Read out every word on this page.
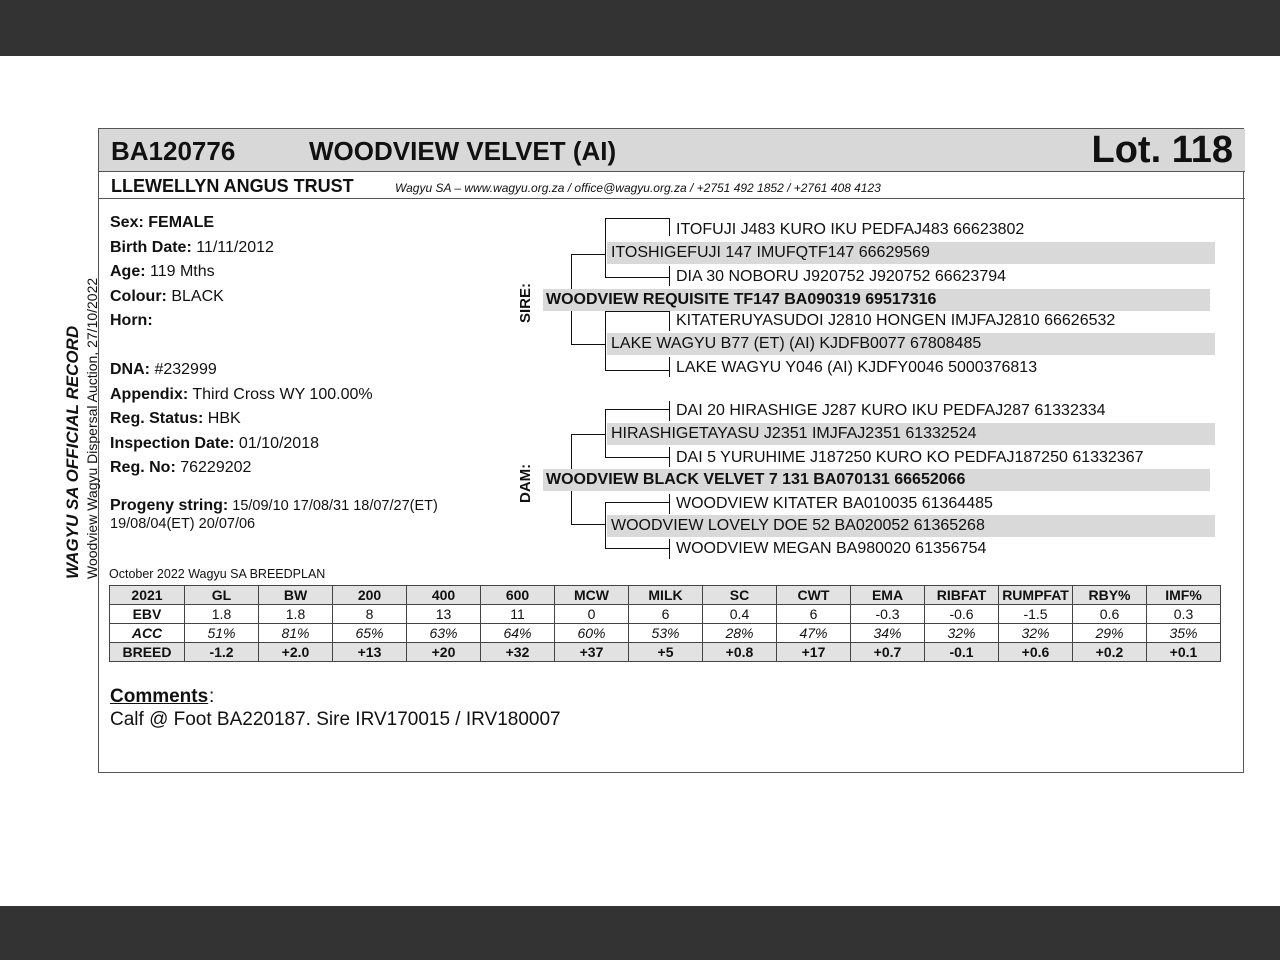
BA120776	WOODVIEW VELVET (AI)	Lot. 118
LLEWELLYN ANGUS TRUST	Wagyu SA – www.wagyu.org.za / office@wagyu.org.za / +2751 492 1852 / +2761 408 4123
WAGYU SA OFFICIAL RECORD Woodview Wagyu Dispersal Auction, 27/10/2022
Sex: FEMALE
Birth Date: 11/11/2012
Age: 119 Mths
Colour: BLACK
Horn:
DNA: #232999
Appendix: Third Cross WY 100.00%
Reg. Status: HBK
Inspection Date: 01/10/2018
Reg. No: 76229202
Progeny string: 15/09/10 17/08/31 18/07/27(ET)
19/08/04(ET) 20/07/06
SIRE:
DAM:
ITOFUJI J483 KURO IKU PEDFAJ483 66623802
ITOSHIGEFUJI 147 IMUFQTF147 66629569
DIA 30 NOBORU J920752 J920752 66623794
WOODVIEW REQUISITE TF147 BA090319 69517316
KITATERUYASUDOI J2810 HONGEN IMJFAJ2810 66626532
LAKE WAGYU B77 (ET) (AI) KJDFB0077 67808485
LAKE WAGYU Y046 (AI) KJDFY0046 5000376813
DAI 20 HIRASHIGE J287 KURO IKU PEDFAJ287 61332334
HIRASHIGETAYASU J2351 IMJFAJ2351 61332524
DAI 5 YURUHIME J187250 KURO KO PEDFAJ187250 61332367
WOODVIEW BLACK VELVET 7 131 BA070131 66652066
WOODVIEW KITATER BA010035 61364485
WOODVIEW LOVELY DOE 52 BA020052 61365268
WOODVIEW MEGAN BA980020 61356754
October 2022 Wagyu SA BREEDPLAN
2021	GL	BW	200	400	600	MCW	MILK	SC	CWT	EMA	RIBFAT	RUMPFAT	RBY%	IMF%
EBV	1.8	1.8	8	13	11	0	6	0.4	6	-0.3	-0.6	-1.5	0.6	0.3
ACC	51%	81%	65%	63%	64%	60%	53%	28%	47%	34%	32%	32%	29%	35%
BREED	-1.2	+2.0	+13	+20	+32	+37	+5	+0.8	+17	+0.7	-0.1	+0.6	+0.2	+0.1
Comments :
Calf @ Foot BA220187. Sire IRV170015 / IRV180007
